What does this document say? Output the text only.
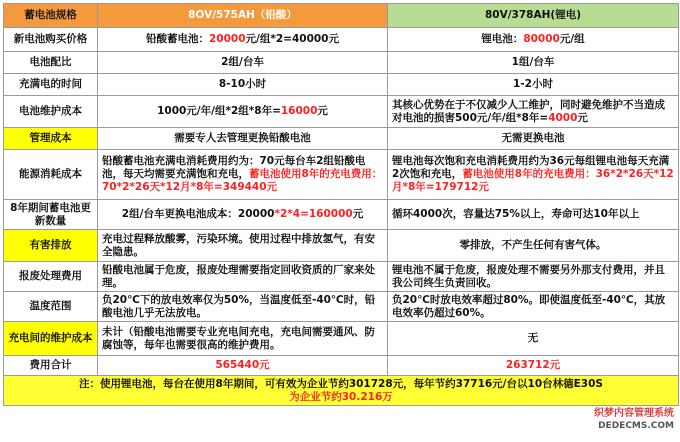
蓄电池规格	8OV/575AH（铅酸）	80V/378AH(锂电)
新电池购买价格	铅酸蓄电池：20000元/组*2=40000元	锂电池：80000元/组
电池配比	2组/台车	1组/台车
充满电的时间	8-10小时	1-2小时
电池维护成本	1000元/年/组*2组*8年=16000元	其核心优势在于不仅减少人工维护，同时避免维护不当造成对电池的损害500元/年/组*8年=4000元
管理成本	需要专人去管理更换铅酸电池	无需更换电池
能源消耗成本	铅酸蓄电池充满电消耗费用约为：70元每台车2组铅酸电池，每天均需要充满饱和充电，蓄电池使用8年的充电费用：70*2*26天*12月*8年=349440元	锂电池每次饱和充电消耗费用约为36元每组锂电池每天充满2次饱和充电，蓄电池使用8年的充电费用：36*2*26天*12月*8年=179712元
8年期间蓄电池更新数量	2组/台车更换电池成本：20000*2*4=160000元	循环4000次，容量达75%以上，寿命可达10年以上
有害排放	充电过程释放酸雾，污染环境。使用过程中排放氢气，有安全隐患。	零排放，不产生任何有害气体。
报废处理费用	铅酸电池属于危废，报废处理需要指定回收资质的厂家来处理。	锂电池不属于危废，报废处理不需要另外那支付费用，并且我公司终生负责回收。
温度范围	负20℃下的放电效率仅为50%，当温度低至-40℃时，铅酸电池几乎无法放电。	负20℃时放电效率超过80%。即使温度低至-40℃，其放电效率仍超过60%。
充电间的维护成本	未计（铅酸电池需要专业充电间充电，充电间需要通风、防腐蚀等，每年也需要很高的维护费用。	无
费用合计	565440元	263712元

注：使用锂电池，每台在使用8年期间，可有效为企业节约301728元，每年节约37716元/台以10台林德E30S
为企业节约30.216万		
织梦内容管理系统
DEDECMS.COM
